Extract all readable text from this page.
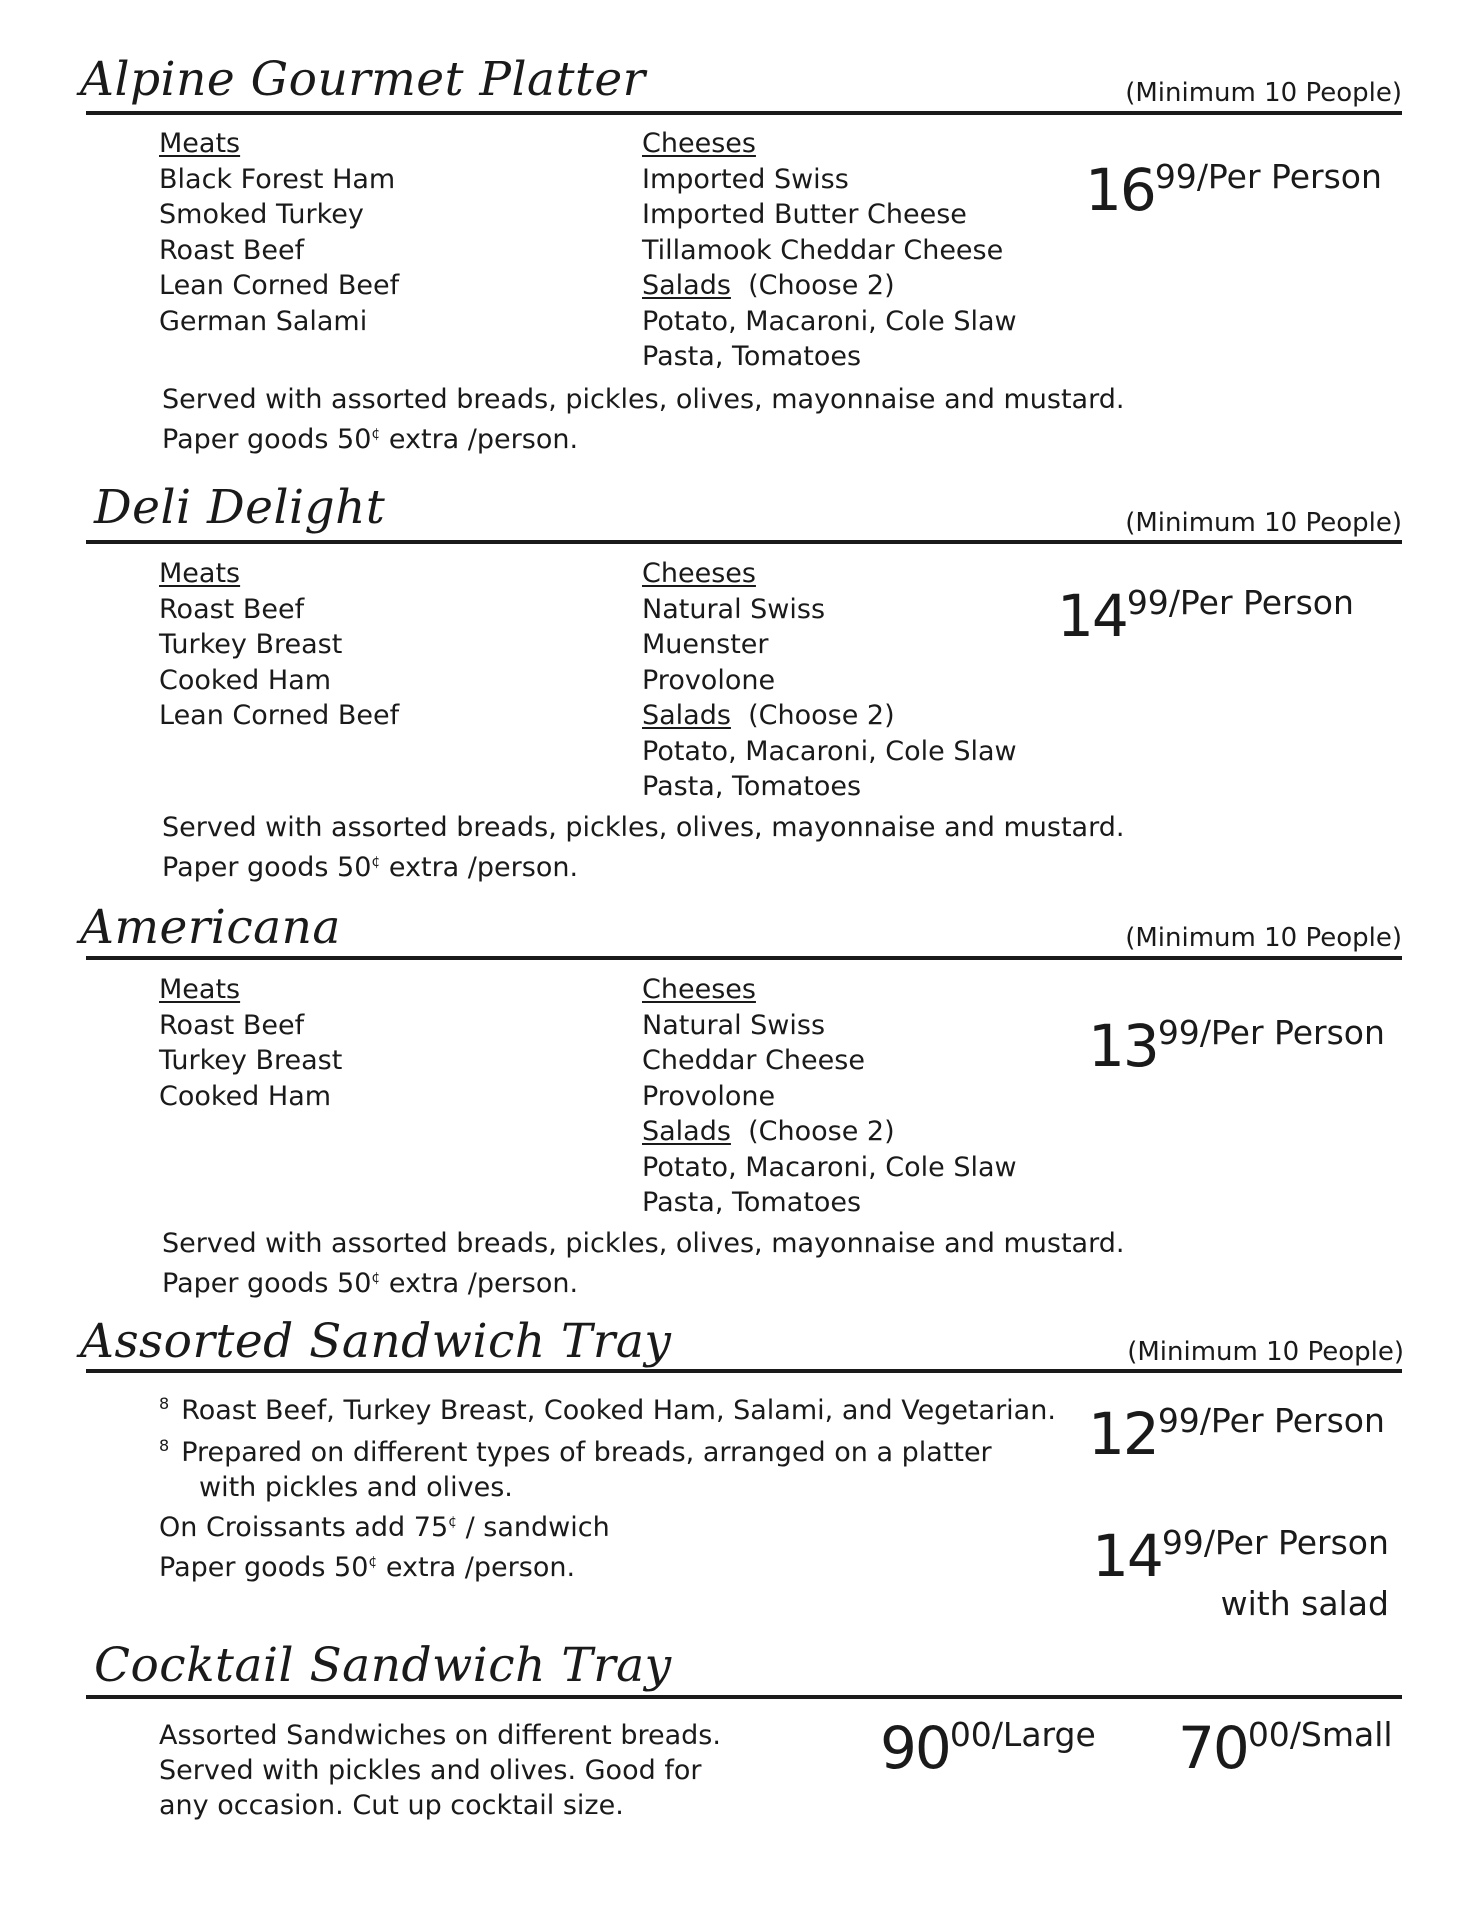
Alpine Gourmet Platter	(Minimum 10 People)
Meats
Black Forest Ham
Smoked Turkey
Roast Beef
Lean Corned Beef
German Salami
Cheeses
Imported Swiss
Imported Butter Cheese
Tillamook Cheddar Cheese
Salads (Choose 2)
Potato, Macaroni, Cole Slaw
Pasta, Tomatoes
1699/Per Person
Served with assorted breads, pickles, olives, mayonnaise and mustard.
Paper goods 50¢ extra /person.
Deli Delight	(Minimum 10 People)
Meats
Roast Beef
Turkey Breast
Cooked Ham
Lean Corned Beef
Cheeses
Natural Swiss
Muenster
Provolone
Salads (Choose 2)
Potato, Macaroni, Cole Slaw
Pasta, Tomatoes
1499/Per Person
Served with assorted breads, pickles, olives, mayonnaise and mustard.
Paper goods 50¢ extra /person.
Americana	(Minimum 10 People)
Meats
Roast Beef
Turkey Breast
Cooked Ham
Cheeses
Natural Swiss
Cheddar Cheese
Provolone
Salads (Choose 2)
Potato, Macaroni, Cole Slaw
Pasta, Tomatoes
1399/Per Person
Served with assorted breads, pickles, olives, mayonnaise and mustard.
Paper goods 50¢ extra /person.
Assorted Sandwich Tray	(Minimum 10 People)
$^8$ Roast Beef, Turkey Breast, Cooked Ham, Salami, and Vegetarian.
$^8$ Prepared on different types of breads, arranged on a platter
with pickles and olives.
On Croissants add 75¢ / sandwich
Paper goods 50¢ extra /person.
1299/Per Person
1499/Per Person
with salad
Cocktail Sandwich Tray
Assorted Sandwiches on different breads.
Served with pickles and olives. Good for
any occasion. Cut up cocktail size.
9000/Large 7000/Small
